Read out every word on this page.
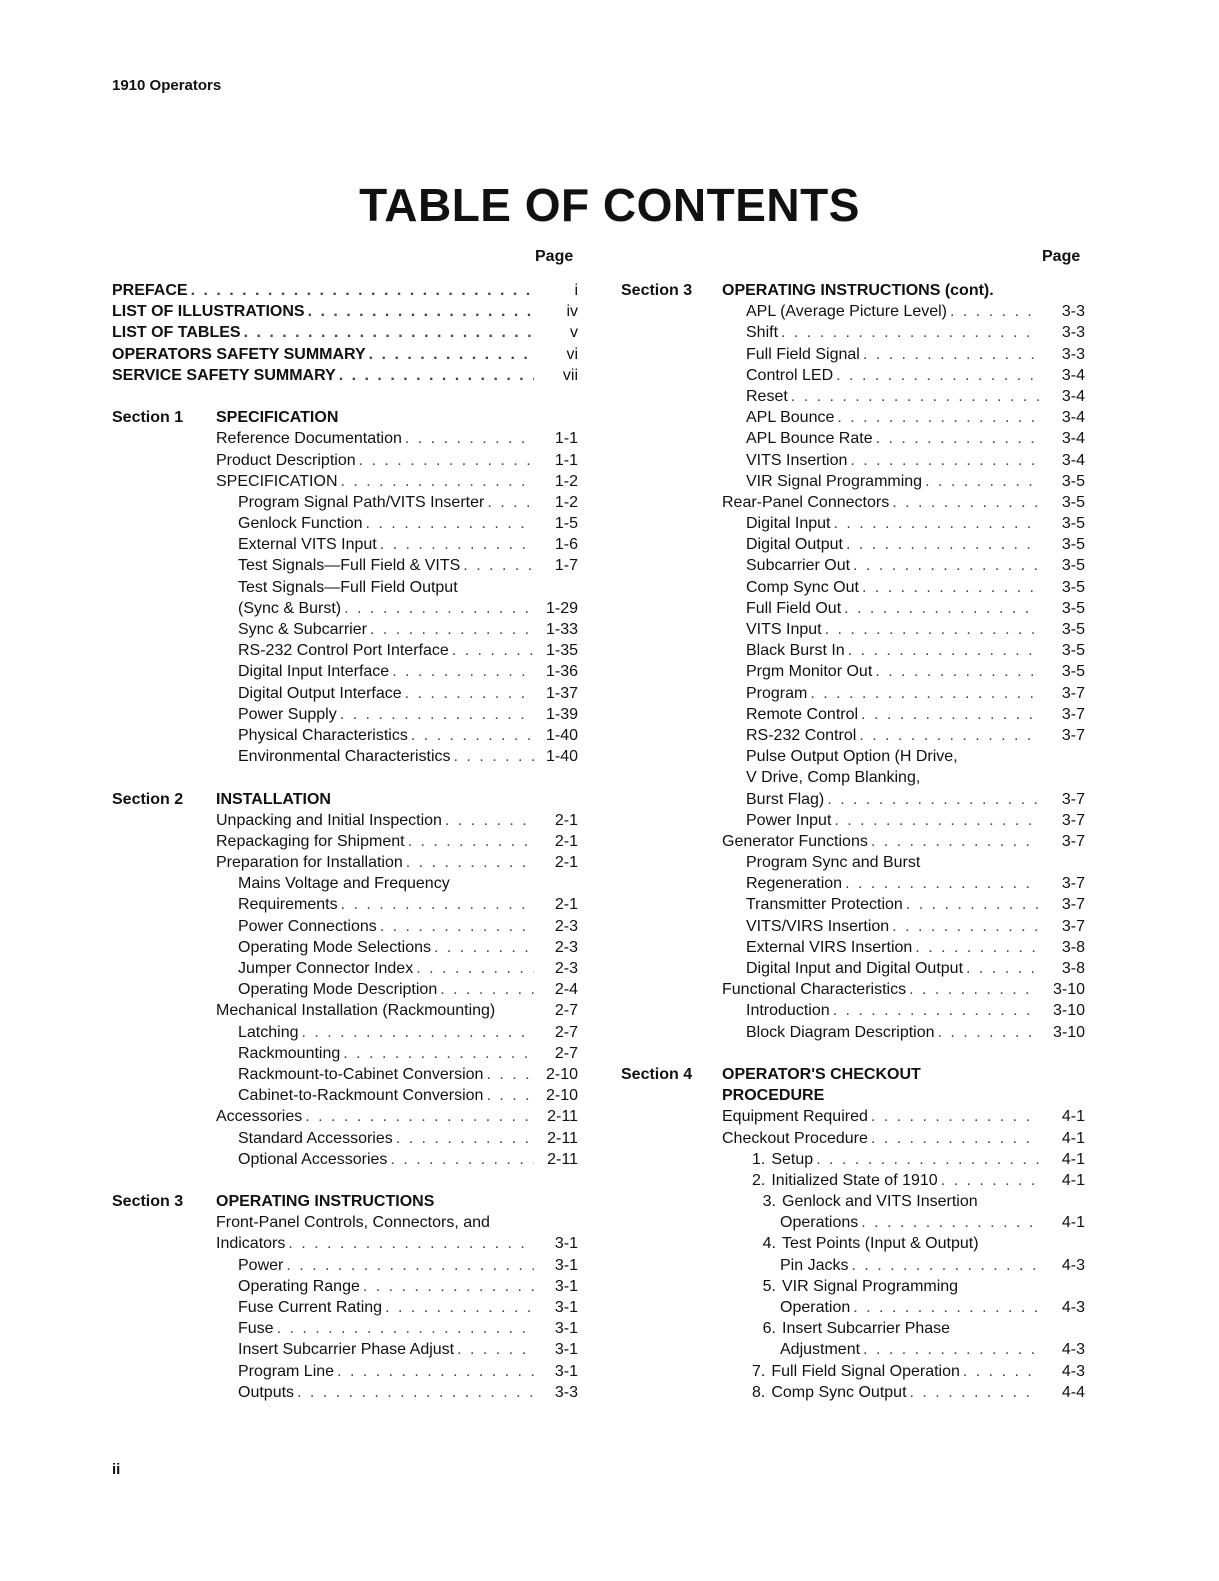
1910 Operators
TABLE OF CONTENTS
Page	Page
PREFACE . . .	i
LIST OF ILLUSTRATIONS . . .	iv
LIST OF TABLES . . .	v
OPERATORS SAFETY SUMMARY . . .	vi
SERVICE SAFETY SUMMARY . . .	vii
Section 1 SPECIFICATION
Reference Documentation . . .	1-1
Product Description . . .	1-1
SPECIFICATION . . .	1-2
Program Signal Path/VITS Inserter . . .	1-2
Genlock Function . . .	1-5
External VITS Input . . .	1-6
Test Signals—Full Field & VITS . . .	1-7
Test Signals—Full Field Output
(Sync & Burst) . . .	1-29
Sync & Subcarrier . . .	1-33
RS-232 Control Port Interface . . .	1-35
Digital Input Interface . . .	1-36
Digital Output Interface . . .	1-37
Power Supply . . .	1-39
Physical Characteristics . . .	1-40
Environmental Characteristics . . .	1-40
Section 2 INSTALLATION
Unpacking and Initial Inspection . . .	2-1
Repackaging for Shipment . . .	2-1
Preparation for Installation . . .	2-1
Mains Voltage and Frequency
Requirements . . .	2-1
Power Connections . . .	2-3
Operating Mode Selections . . .	2-3
Jumper Connector Index . . .	2-3
Operating Mode Description . . .	2-4
Mechanical Installation (Rackmounting)	2-7
Latching . . .	2-7
Rackmounting . . .	2-7
Rackmount-to-Cabinet Conversion . . .	2-10
Cabinet-to-Rackmount Conversion . . .	2-10
Accessories . . .	2-11
Standard Accessories . . .	2-11
Optional Accessories . . .	2-11
Section 3 OPERATING INSTRUCTIONS
Front-Panel Controls, Connectors, and
Indicators . . .	3-1
Power . . .	3-1
Operating Range . . .	3-1
Fuse Current Rating . . .	3-1
Fuse . . .	3-1
Insert Subcarrier Phase Adjust . . .	3-1
Program Line . . .	3-1
Outputs . . .	3-3
Section 3 OPERATING INSTRUCTIONS (cont).
APL (Average Picture Level) . . .	3-3
Shift . . .	3-3
Full Field Signal . . .	3-3
Control LED . . .	3-4
Reset . . .	3-4
APL Bounce . . .	3-4
APL Bounce Rate . . .	3-4
VITS Insertion . . .	3-4
VIR Signal Programming . . .	3-5
Rear-Panel Connectors . . .	3-5
Digital Input . . .	3-5
Digital Output . . .	3-5
Subcarrier Out . . .	3-5
Comp Sync Out . . .	3-5
Full Field Out . . .	3-5
VITS Input . . .	3-5
Black Burst In . . .	3-5
Prgm Monitor Out . . .	3-5
Program . . .	3-7
Remote Control . . .	3-7
RS-232 Control . . .	3-7
Pulse Output Option (H Drive,
V Drive, Comp Blanking,
Burst Flag) . . .	3-7
Power Input . . .	3-7
Generator Functions . . .	3-7
Program Sync and Burst
Regeneration . . .	3-7
Transmitter Protection . . .	3-7
VITS/VIRS Insertion . . .	3-7
External VIRS Insertion . . .	3-8
Digital Input and Digital Output . . .	3-8
Functional Characteristics . . .	3-10
Introduction . . .	3-10
Block Diagram Description . . .	3-10
Section 4 OPERATOR'S CHECKOUT
PROCEDURE
Equipment Required . . .	4-1
Checkout Procedure . . .	4-1
1. Setup . . .	4-1
2. Initialized State of 1910 . . .	4-1
3. Genlock and VITS Insertion
Operations . . .	4-1
4. Test Points (Input & Output)
Pin Jacks . . .	4-3
5. VIR Signal Programming
Operation . . .	4-3
6. Insert Subcarrier Phase
Adjustment . . .	4-3
7. Full Field Signal Operation . . .	4-3
8. Comp Sync Output . . .	4-4
ii
